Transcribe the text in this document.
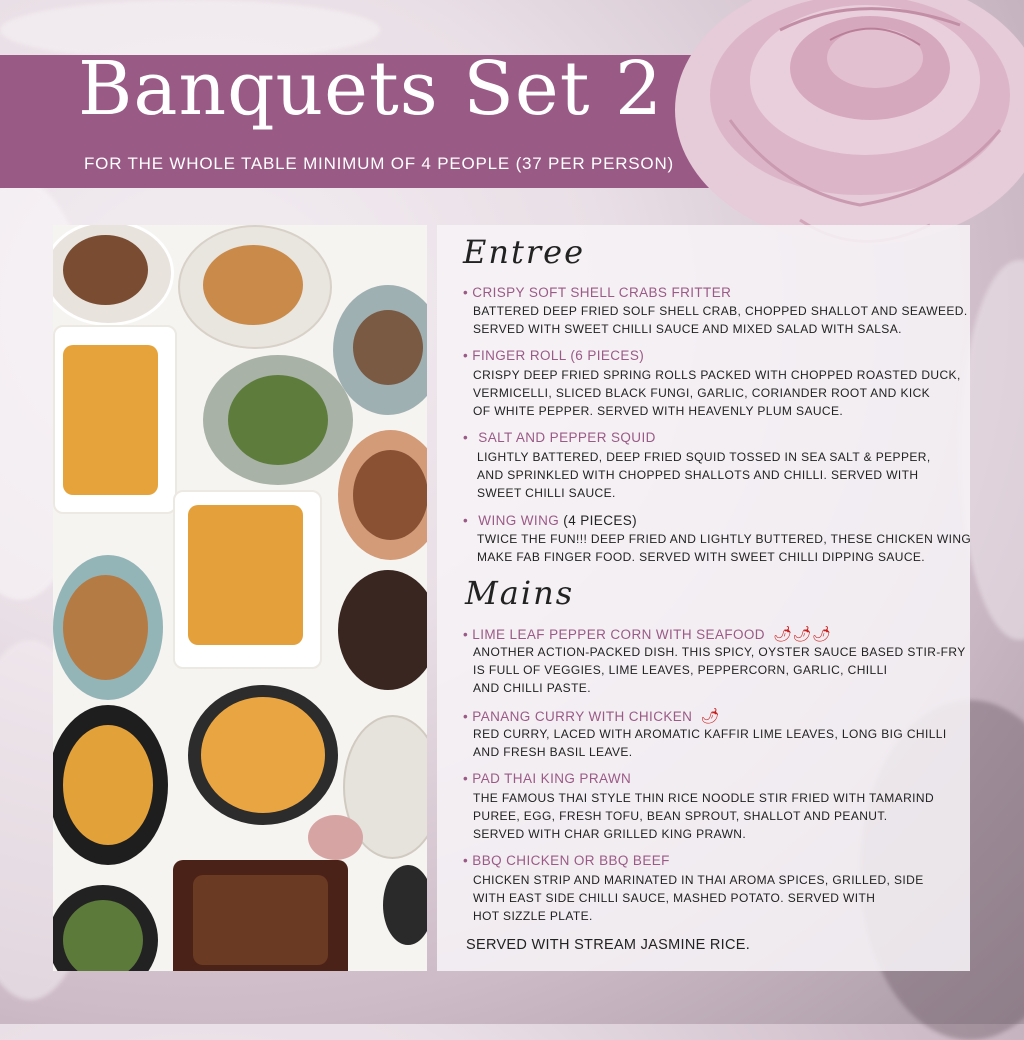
Banquets Set 2
FOR THE WHOLE TABLE MINIMUM OF 4 PEOPLE (37 PER PERSON)
Entree
• CRISPY SOFT SHELL CRABS FRITTER
BATTERED DEEP FRIED SOLF SHELL CRAB, CHOPPED SHALLOT AND SEAWEED.
SERVED WITH SWEET CHILLI SAUCE AND MIXED SALAD WITH SALSA.
• FINGER ROLL (6 PIECES)
CRISPY DEEP FRIED SPRING ROLLS PACKED WITH CHOPPED ROASTED DUCK,
VERMICELLI, SLICED BLACK FUNGI, GARLIC, CORIANDER ROOT AND KICK
OF WHITE PEPPER. SERVED WITH HEAVENLY PLUM SAUCE.
• SALT AND PEPPER SQUID
LIGHTLY BATTERED, DEEP FRIED SQUID TOSSED IN SEA SALT & PEPPER,
AND SPRINKLED WITH CHOPPED SHALLOTS AND CHILLI. SERVED WITH
SWEET CHILLI SAUCE.
• WING WING (4 PIECES)
TWICE THE FUN!!! DEEP FRIED AND LIGHTLY BUTTERED, THESE CHICKEN WING
MAKE FAB FINGER FOOD. SERVED WITH SWEET CHILLI DIPPING SAUCE.
Mains
• LIME LEAF PEPPER CORN WITH SEAFOOD 🌶🌶🌶
ANOTHER ACTION-PACKED DISH. THIS SPICY, OYSTER SAUCE BASED STIR-FRY
IS FULL OF VEGGIES, LIME LEAVES, PEPPERCORN, GARLIC, CHILLI
AND CHILLI PASTE.
• PANANG CURRY WITH CHICKEN 🌶
RED CURRY, LACED WITH AROMATIC KAFFIR LIME LEAVES, LONG BIG CHILLI
AND FRESH BASIL LEAVE.
• PAD THAI KING PRAWN
THE FAMOUS THAI STYLE THIN RICE NOODLE STIR FRIED WITH TAMARIND
PUREE, EGG, FRESH TOFU, BEAN SPROUT, SHALLOT AND PEANUT.
SERVED WITH CHAR GRILLED KING PRAWN.
• BBQ CHICKEN OR BBQ BEEF
CHICKEN STRIP AND MARINATED IN THAI AROMA SPICES, GRILLED, SIDE
WITH EAST SIDE CHILLI SAUCE, MASHED POTATO. SERVED WITH
HOT SIZZLE PLATE.
SERVED WITH STREAM JASMINE RICE.
